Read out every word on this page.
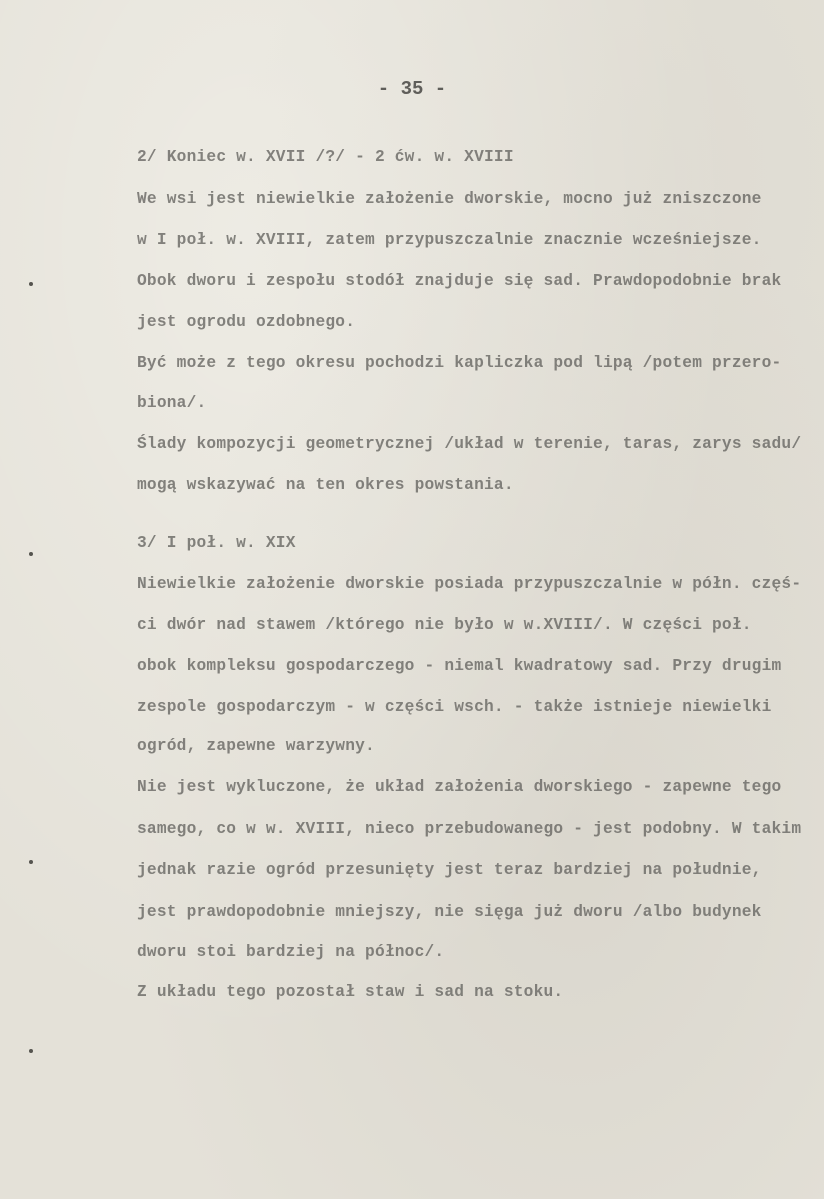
- 35 -
2/ Koniec w. XVII /?/ - 2 ćw. w. XVIII
We wsi jest niewielkie założenie dworskie, mocno już zniszczone
w I poł. w. XVIII, zatem przypuszczalnie znacznie wcześniejsze.
Obok dworu i zespołu stodół znajduje się sad. Prawdopodobnie brak
jest ogrodu ozdobnego.
Być może z tego okresu pochodzi kapliczka pod lipą /potem przero-
biona/.
Ślady kompozycji geometrycznej /układ w terenie, taras, zarys sadu/
mogą wskazywać na ten okres powstania.
3/ I poł. w. XIX
Niewielkie założenie dworskie posiada przypuszczalnie w półn. częś-
ci dwór nad stawem /którego nie było w w.XVIII/. W części poł.
obok kompleksu gospodarczego - niemal kwadratowy sad. Przy drugim
zespole gospodarczym - w części wsch. - także istnieje niewielki
ogród, zapewne warzywny.
Nie jest wykluczone, że układ założenia dworskiego - zapewne tego
samego, co w w. XVIII, nieco przebudowanego - jest podobny. W takim
jednak razie ogród przesunięty jest teraz bardziej na południe,
jest prawdopodobnie mniejszy, nie sięga już dworu /albo budynek
dworu stoi bardziej na północ/.
Z układu tego pozostał staw i sad na stoku.
